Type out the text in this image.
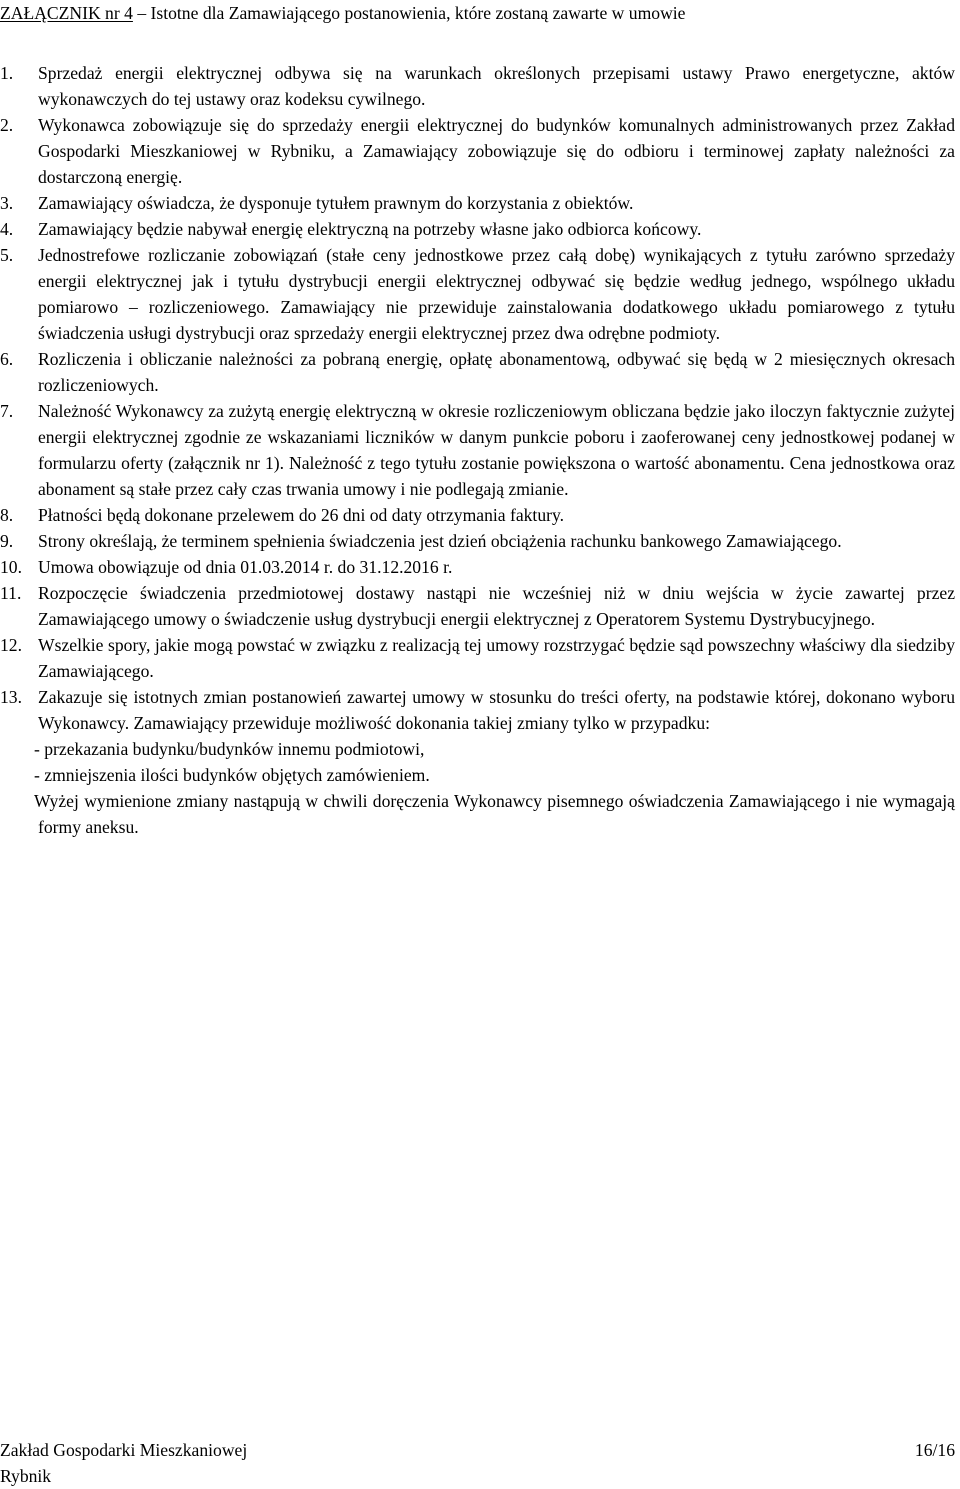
ZAŁĄCZNIK nr 4 – Istotne dla Zamawiającego postanowienia, które zostaną zawarte w umowie
1. Sprzedaż energii elektrycznej odbywa się na warunkach określonych przepisami ustawy Prawo energetyczne, aktów wykonawczych do tej ustawy oraz kodeksu cywilnego.
2. Wykonawca zobowiązuje się do sprzedaży energii elektrycznej do budynków komunalnych administrowanych przez Zakład Gospodarki Mieszkaniowej w Rybniku, a Zamawiający zobowiązuje się do odbioru i terminowej zapłaty należności za dostarczoną energię.
3. Zamawiający oświadcza, że dysponuje tytułem prawnym do korzystania z obiektów.
4. Zamawiający będzie nabywał energię elektryczną na potrzeby własne jako odbiorca końcowy.
5. Jednostrefowe rozliczanie zobowiązań (stałe ceny jednostkowe przez całą dobę) wynikających z tytułu zarówno sprzedaży energii elektrycznej jak i tytułu dystrybucji energii elektrycznej odbywać się będzie według jednego, wspólnego układu pomiarowo – rozliczeniowego. Zamawiający nie przewiduje zainstalowania dodatkowego układu pomiarowego z tytułu świadczenia usługi dystrybucji oraz sprzedaży energii elektrycznej przez dwa odrębne podmioty.
6. Rozliczenia i obliczanie należności za pobraną energię, opłatę abonamentową, odbywać się będą w 2 miesięcznych okresach rozliczeniowych.
7. Należność Wykonawcy za zużytą energię elektryczną w okresie rozliczeniowym obliczana będzie jako iloczyn faktycznie zużytej energii elektrycznej zgodnie ze wskazaniami liczników w danym punkcie poboru i zaoferowanej ceny jednostkowej podanej w formularzu oferty (załącznik nr 1). Należność z tego tytułu zostanie powiększona o wartość abonamentu. Cena jednostkowa oraz abonament są stałe przez cały czas trwania umowy i nie podlegają zmianie.
8. Płatności będą dokonane przelewem do 26 dni od daty otrzymania faktury.
9. Strony określają, że terminem spełnienia świadczenia jest dzień obciążenia rachunku bankowego Zamawiającego.
10. Umowa obowiązuje od dnia 01.03.2014 r. do 31.12.2016 r.
11. Rozpoczęcie świadczenia przedmiotowej dostawy nastąpi nie wcześniej niż w dniu wejścia w życie zawartej przez Zamawiającego umowy o świadczenie usług dystrybucji energii elektrycznej z Operatorem Systemu Dystrybucyjnego.
12. Wszelkie spory, jakie mogą powstać w związku z realizacją tej umowy rozstrzygać będzie sąd powszechny właściwy dla siedziby Zamawiającego.
13. Zakazuje się istotnych zmian postanowień zawartej umowy w stosunku do treści oferty, na podstawie której, dokonano wyboru Wykonawcy. Zamawiający przewiduje możliwość dokonania takiej zmiany tylko w przypadku:
- przekazania budynku/budynków innemu podmiotowi,
- zmniejszenia ilości budynków objętych zamówieniem.
Wyżej wymienione zmiany nastąpują w chwili doręczenia Wykonawcy pisemnego oświadczenia Zamawiającego i nie wymagają formy aneksu.
Zakład Gospodarki Mieszkaniowej
Rybnik
16/16
